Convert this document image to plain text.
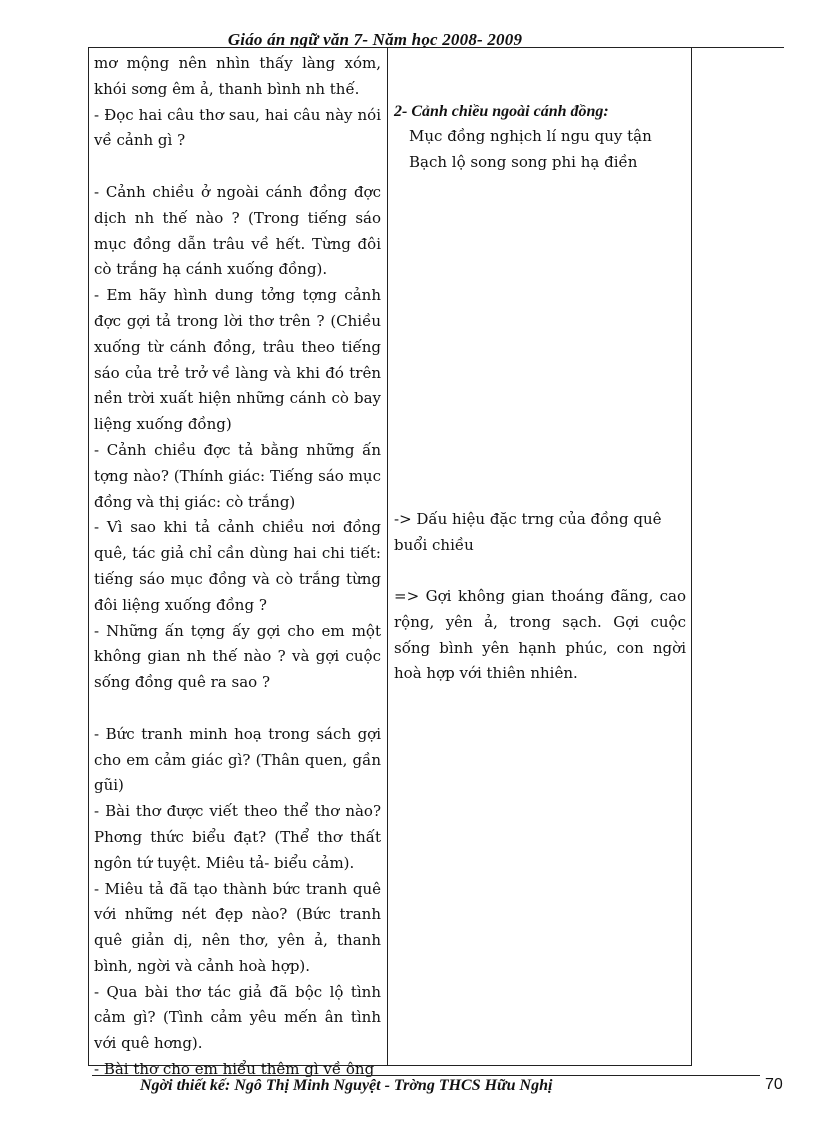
Giáo án ngữ văn 7- Năm học 2008- 2009

mơ mộng nên nhìn thấy làng xóm, khói sơng êm ả, thanh bình nh thế.

- Đọc hai câu thơ sau, hai câu này nói về cảnh gì ?

- Cảnh chiều ở ngoài cánh đồng đợc dịch nh thế nào ? (Trong tiếng sáo mục đồng dẫn trâu về hết. Từng đôi cò trắng hạ cánh xuống đồng).

- Em hãy hình dung tởng tợng cảnh đợc gợi tả trong lời thơ trên ? (Chiều xuống từ cánh đồng, trâu theo tiếng sáo của trẻ trở về làng và khi đó trên nền trời xuất hiện những cánh cò bay liệng xuống đồng)

- Cảnh chiều đợc tả bằng những ấn tợng nào? (Thính giác: Tiếng sáo mục đồng và thị giác: cò trắng)

- Vì sao khi tả cảnh chiều nơi đồng quê, tác giả chỉ cần dùng hai chi tiết: tiếng sáo mục đồng và cò trắng từng đôi liệng xuống đồng ?

- Những ấn tợng ấy gợi cho em một không gian nh thế nào ? và gợi cuộc sống đồng quê ra sao ?

- Bức tranh minh hoạ trong sách gợi cho em cảm giác gì? (Thân quen, gần gũi)

- Bài thơ được viết theo thể thơ nào? Phơng thức biểu đạt? (Thể thơ thất ngôn tứ tuyệt. Miêu tả- biểu cảm).

- Miêu tả đã tạo thành bức tranh quê với những nét đẹp nào? (Bức tranh quê giản dị, nên thơ, yên ả, thanh bình, ngời và cảnh hoà hợp).

- Qua bài thơ tác giả đã bộc lộ tình cảm gì? (Tình cảm yêu mến ân tình với quê hơng).

- Bài thơ cho em hiểu thêm gì về ông

2- Cảnh chiều ngoài cánh đồng:
Mục đồng nghịch lí ngu quy tận
Bạch lộ song song phi hạ điền
-> Dấu hiệu đặc trng của đồng quê buổi chiều
=> Gợi không gian thoáng đãng, cao rộng, yên ả, trong sạch. Gợi cuộc sống bình yên hạnh phúc, con ngời hoà hợp với thiên nhiên.
Ngời thiết kế: Ngô Thị Minh Nguyệt - Trờng THCS Hữu Nghị	70
